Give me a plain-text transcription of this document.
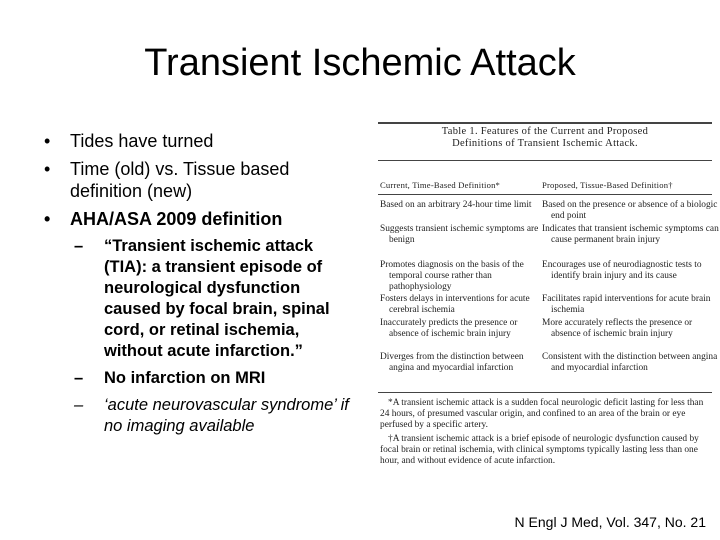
Transient Ischemic Attack
• Tides have turned
• Time (old) vs. Tissue based definition (new)
• AHA/ASA 2009 definition
– “Transient ischemic attack (TIA): a transient episode of neurological dysfunction caused by focal brain, spinal cord, or retinal ischemia, without acute infarction.”
– No infarction on MRI
– ‘acute neurovascular syndrome’ if no imaging available
Table 1. Features of the Current and Proposed
Definitions of Transient Ischemic Attack.
Current, Time-Based Definition*	Proposed, Tissue-Based Definition†
Based on an arbitrary 24-hour time limit	Based on the presence or absence of a biologic end point
Suggests transient ischemic symptoms are benign
Indicates that transient ischemic symptoms can cause permanent brain injury
Promotes diagnosis on the basis of the temporal course rather than pathophysiology
Encourages use of neurodiagnostic tests to identify brain injury and its cause
Fosters delays in interventions for acute cerebral ischemia
Facilitates rapid interventions for acute brain ischemia
Inaccurately predicts the presence or absence of ischemic brain injury
More accurately reflects the presence or absence of ischemic brain injury
Diverges from the distinction between angina and myocardial infarction
Consistent with the distinction between angina and myocardial infarction
*A transient ischemic attack is a sudden focal neurologic deficit lasting for less than 24 hours, of presumed vascular origin, and confined to an area of the brain or eye perfused by a specific artery.
†A transient ischemic attack is a brief episode of neurologic dysfunction caused by focal brain or retinal ischemia, with clinical symptoms typically lasting less than one hour, and without evidence of acute infarction.
N Engl J Med, Vol. 347, No. 21
